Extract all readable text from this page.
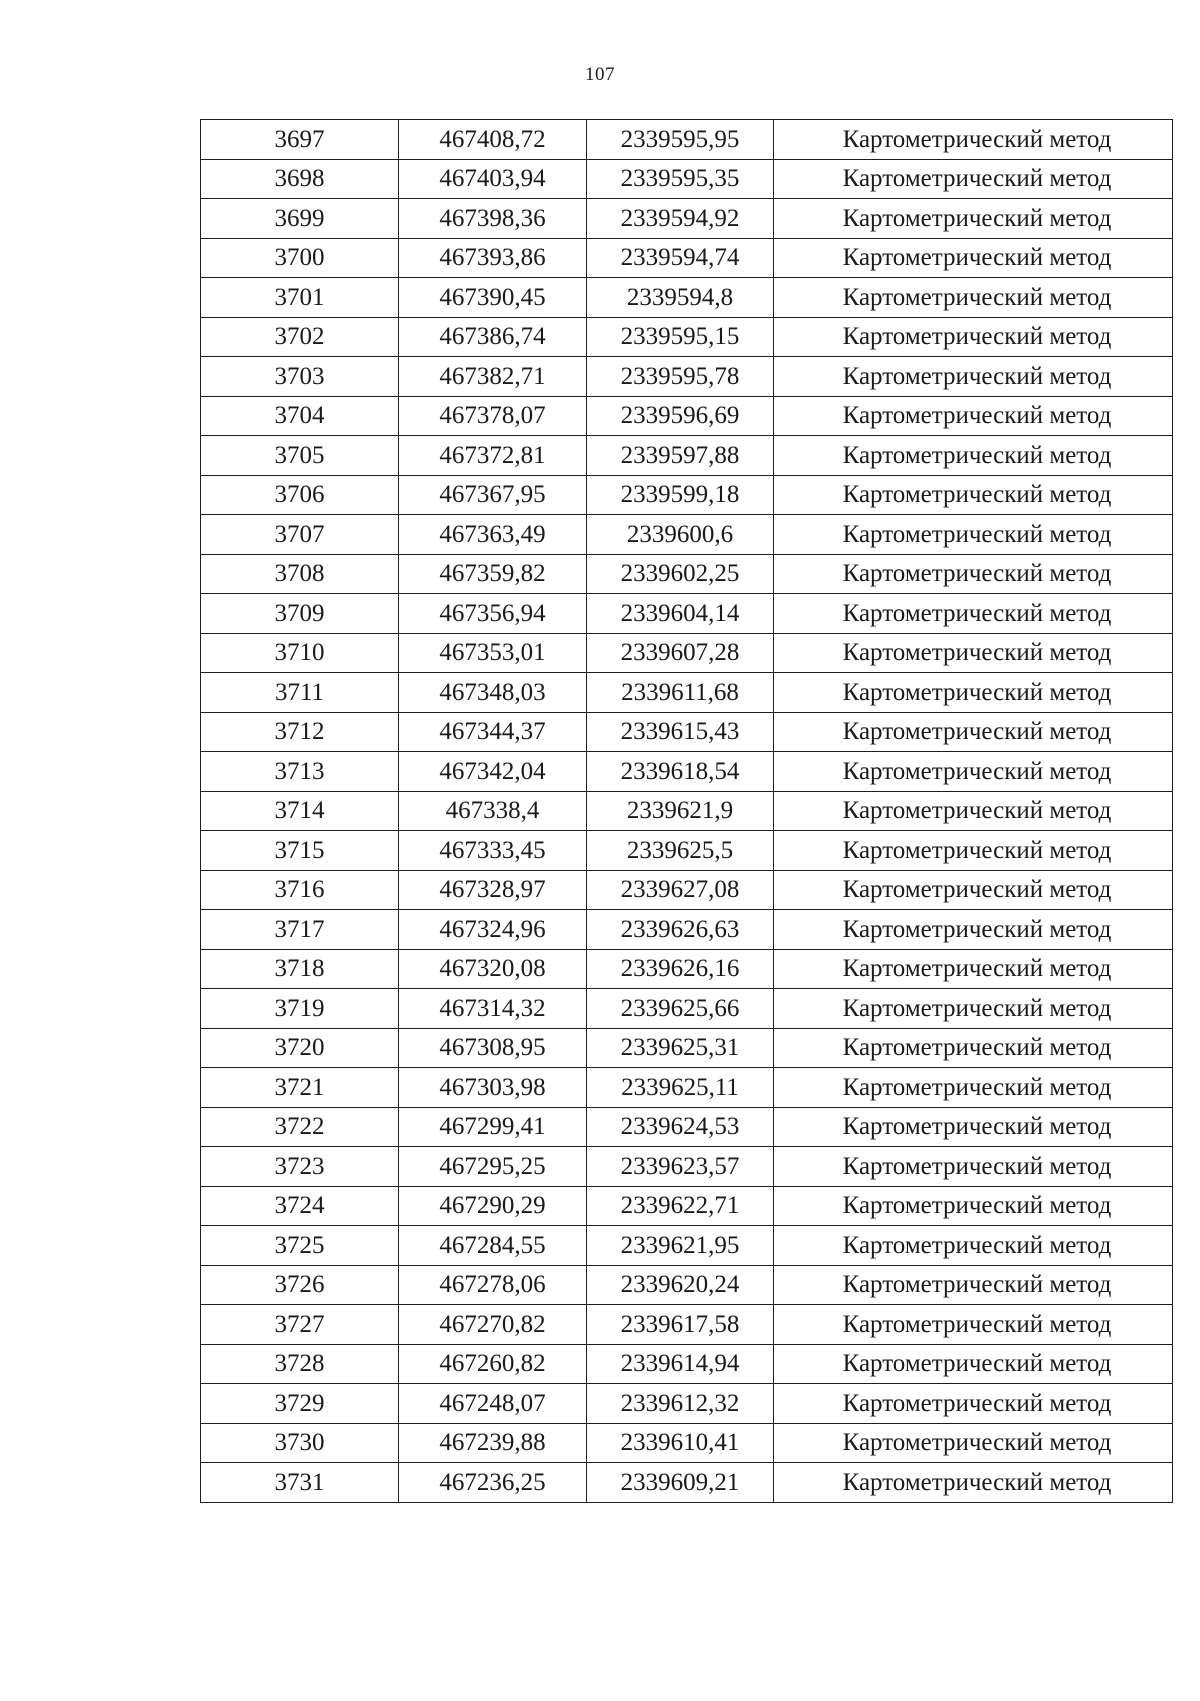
107
3697	467408,72	2339595,95	Картометрический метод
3698	467403,94	2339595,35	Картометрический метод
3699	467398,36	2339594,92	Картометрический метод
3700	467393,86	2339594,74	Картометрический метод
3701	467390,45	2339594,8	Картометрический метод
3702	467386,74	2339595,15	Картометрический метод
3703	467382,71	2339595,78	Картометрический метод
3704	467378,07	2339596,69	Картометрический метод
3705	467372,81	2339597,88	Картометрический метод
3706	467367,95	2339599,18	Картометрический метод
3707	467363,49	2339600,6	Картометрический метод
3708	467359,82	2339602,25	Картометрический метод
3709	467356,94	2339604,14	Картометрический метод
3710	467353,01	2339607,28	Картометрический метод
3711	467348,03	2339611,68	Картометрический метод
3712	467344,37	2339615,43	Картометрический метод
3713	467342,04	2339618,54	Картометрический метод
3714	467338,4	2339621,9	Картометрический метод
3715	467333,45	2339625,5	Картометрический метод
3716	467328,97	2339627,08	Картометрический метод
3717	467324,96	2339626,63	Картометрический метод
3718	467320,08	2339626,16	Картометрический метод
3719	467314,32	2339625,66	Картометрический метод
3720	467308,95	2339625,31	Картометрический метод
3721	467303,98	2339625,11	Картометрический метод
3722	467299,41	2339624,53	Картометрический метод
3723	467295,25	2339623,57	Картометрический метод
3724	467290,29	2339622,71	Картометрический метод
3725	467284,55	2339621,95	Картометрический метод
3726	467278,06	2339620,24	Картометрический метод
3727	467270,82	2339617,58	Картометрический метод
3728	467260,82	2339614,94	Картометрический метод
3729	467248,07	2339612,32	Картометрический метод
3730	467239,88	2339610,41	Картометрический метод
3731	467236,25	2339609,21	Картометрический метод
